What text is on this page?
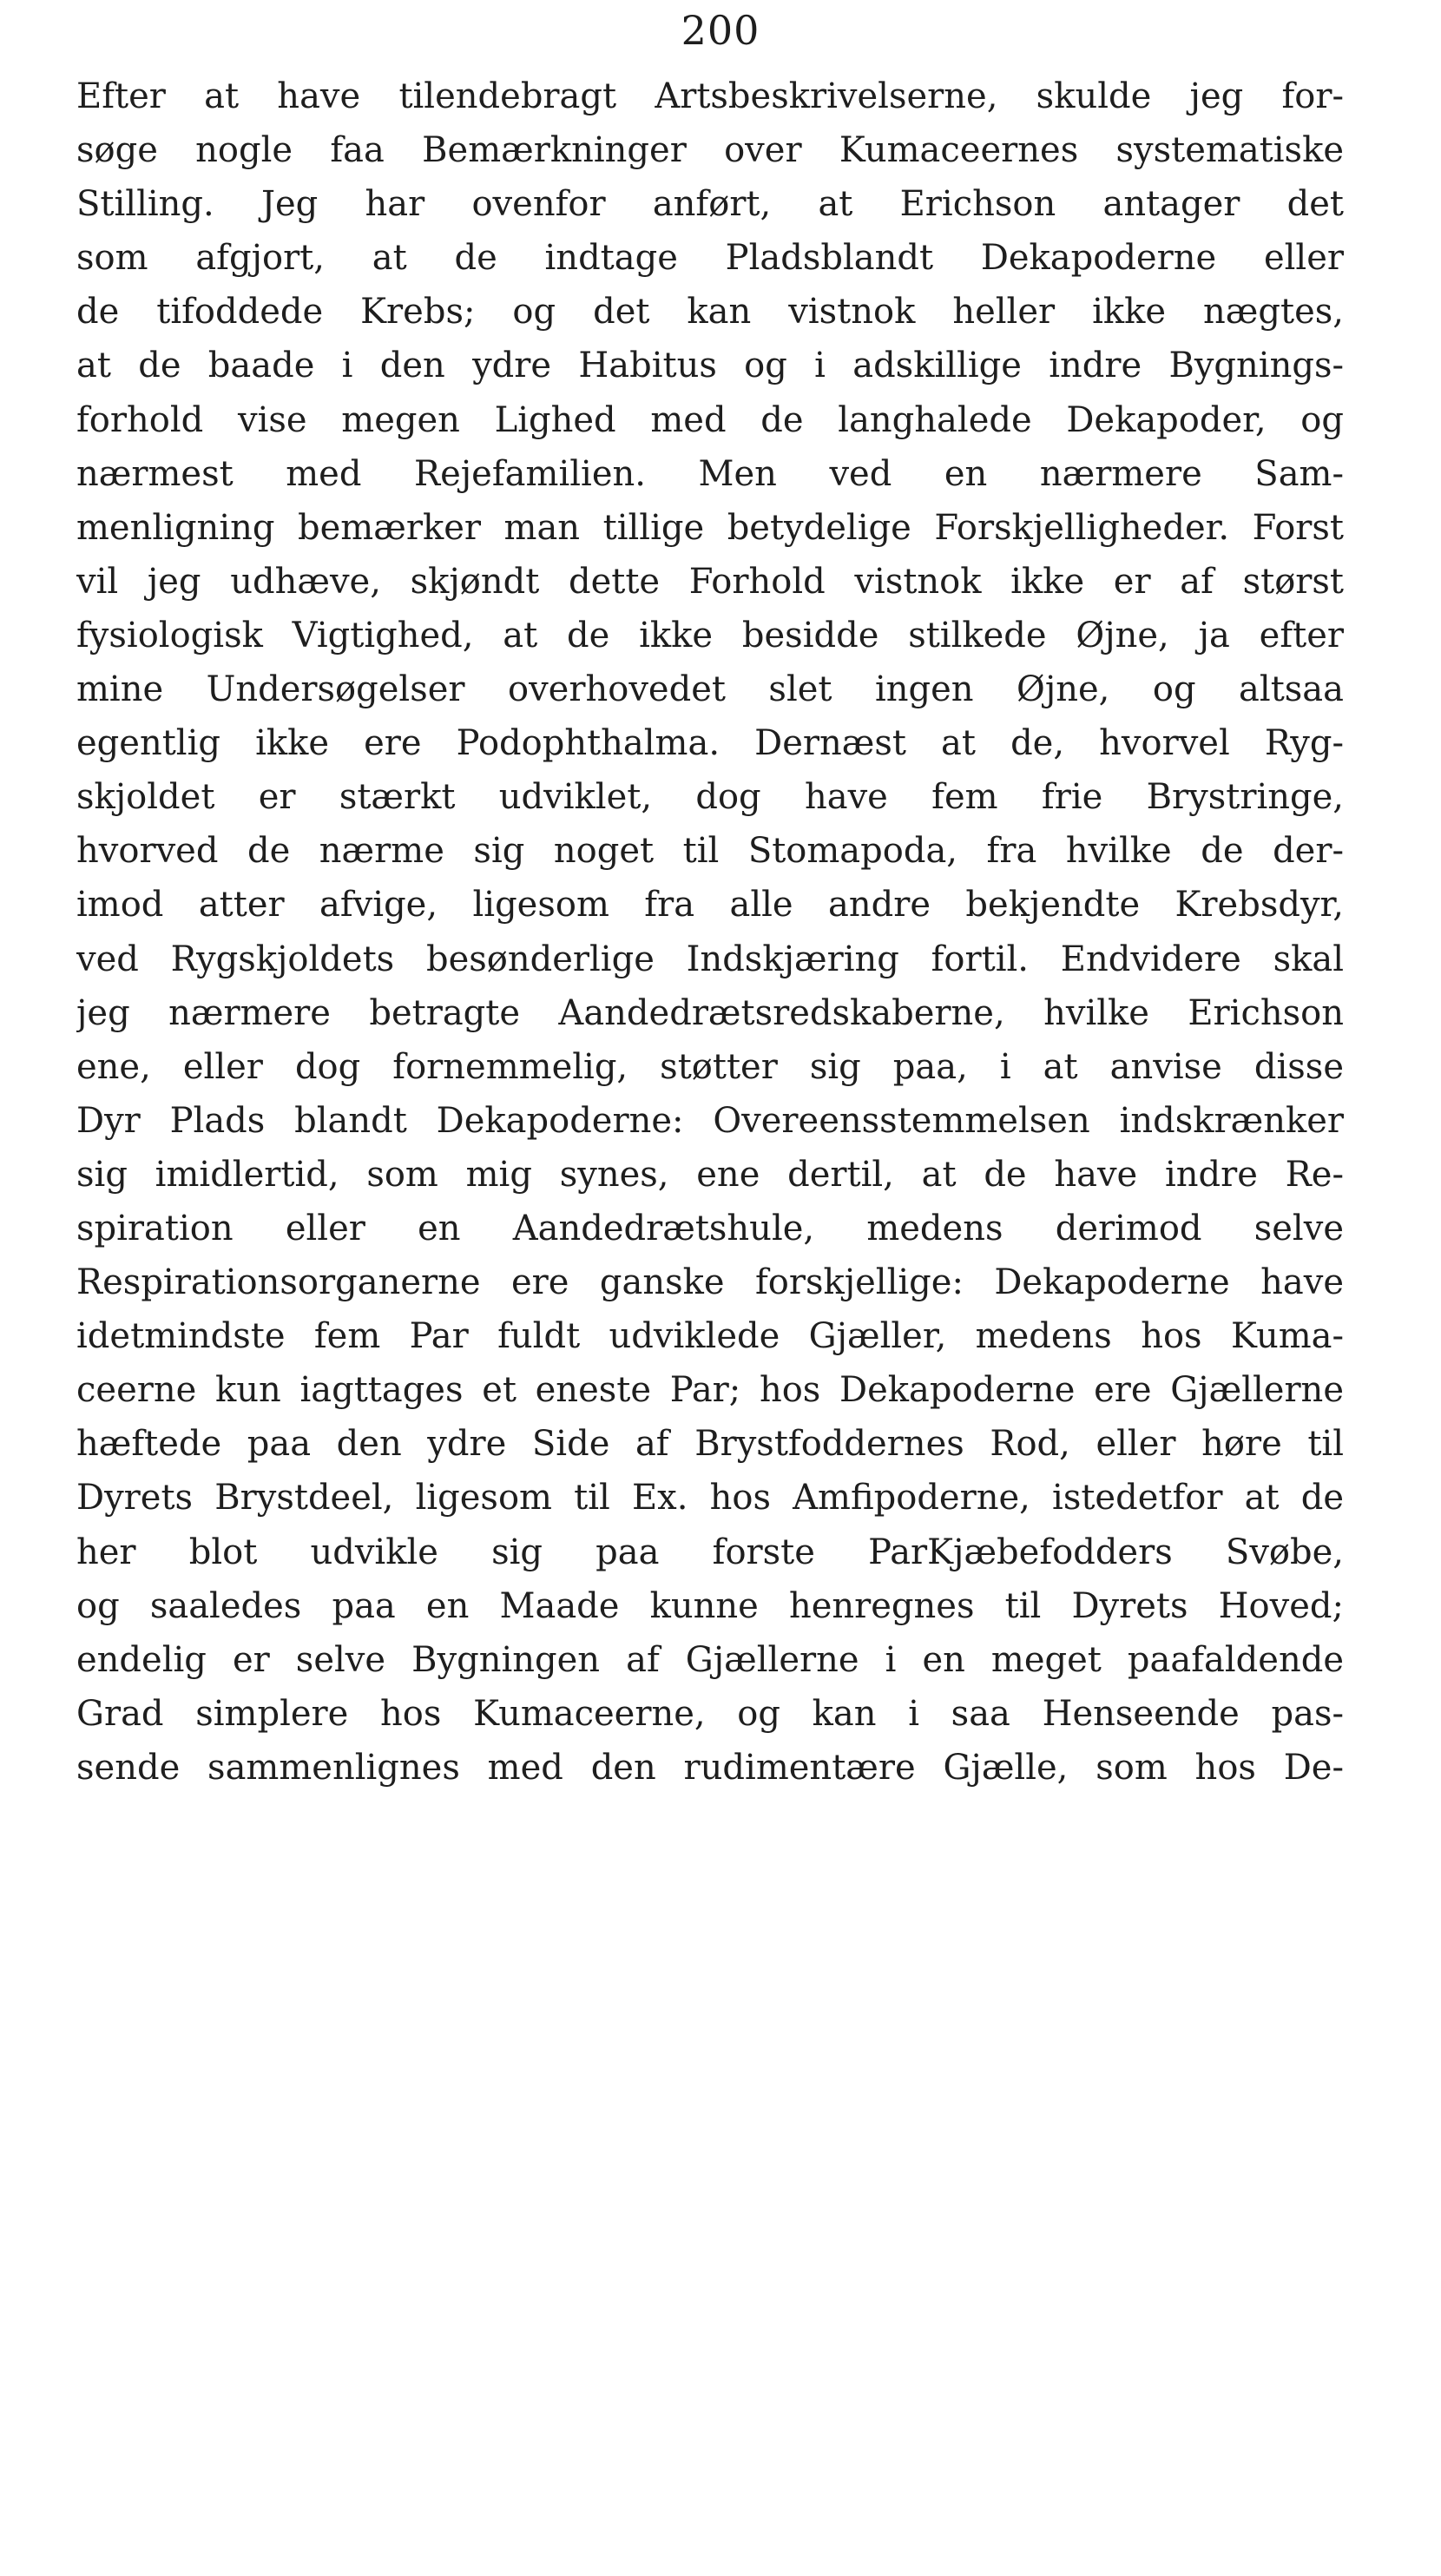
200
Efter at have tilendebragt Artsbeskrivelserne, skulde jeg for-
søge nogle faa Bemærkninger over Kumaceernes systematiske
Stilling. Jeg har ovenfor anført, at Erichson antager det
som afgjort, at de indtage Pladsblandt Dekapoderne eller
de tifoddede Krebs; og det kan vistnok heller ikke nægtes,
at de baade i den ydre Habitus og i adskillige indre Bygnings-
forhold vise megen Lighed med de langhalede Dekapoder, og
nærmest med Rejefamilien. Men ved en nærmere Sam-
menligning bemærker man tillige betydelige Forskjelligheder. Forst
vil jeg udhæve, skjøndt dette Forhold vistnok ikke er af størst
fysiologisk Vigtighed, at de ikke besidde stilkede Øjne, ja efter
mine Undersøgelser overhovedet slet ingen Øjne, og altsaa
egentlig ikke ere Podophthalma. Dernæst at de, hvorvel Ryg-
skjoldet er stærkt udviklet, dog have fem frie Brystringe,
hvorved de nærme sig noget til Stomapoda, fra hvilke de der-
imod atter afvige, ligesom fra alle andre bekjendte Krebsdyr,
ved Rygskjoldets besønderlige Indskjæring fortil. Endvidere skal
jeg nærmere betragte Aandedrætsredskaberne, hvilke Erichson
ene, eller dog fornemmelig, støtter sig paa, i at anvise disse
Dyr Plads blandt Dekapoderne: Overeensstemmelsen indskrænker
sig imidlertid, som mig synes, ene dertil, at de have indre Re-
spiration eller en Aandedrætshule, medens derimod selve
Respirationsorganerne ere ganske forskjellige: Dekapoderne have
idetmindste fem Par fuldt udviklede Gjæller, medens hos Kuma-
ceerne kun iagttages et eneste Par; hos Dekapoderne ere Gjællerne
hæftede paa den ydre Side af Brystfoddernes Rod, eller høre til
Dyrets Brystdeel, ligesom til Ex. hos Amfipoderne, istedetfor at de
her blot udvikle sig paa forste ParKjæbefodders Svøbe,
og saaledes paa en Maade kunne henregnes til Dyrets Hoved;
endelig er selve Bygningen af Gjællerne i en meget paafaldende
Grad simplere hos Kumaceerne, og kan i saa Henseende pas-
sende sammenlignes med den rudimentære Gjælle, som hos De-
